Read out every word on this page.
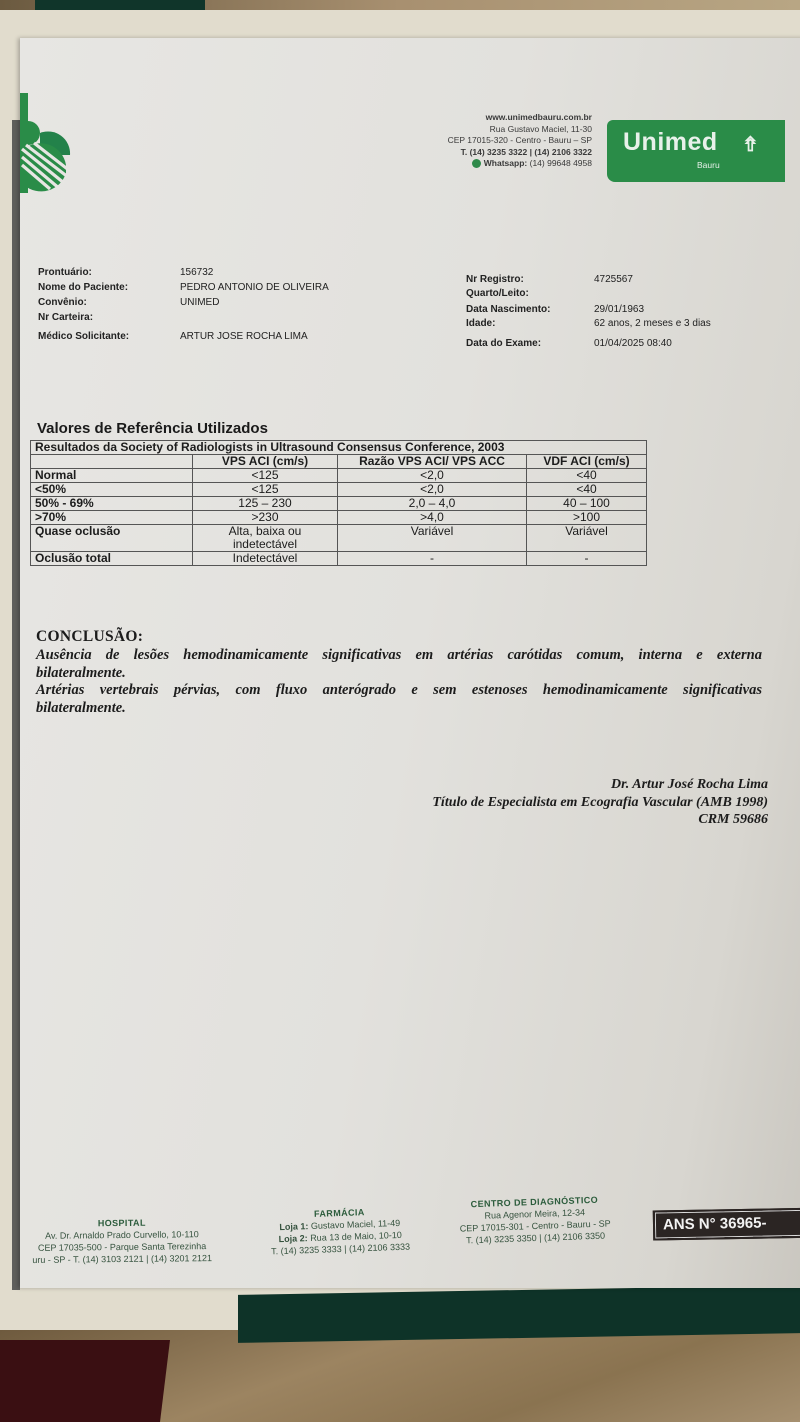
www.unimedbauru.com.br
Rua Gustavo Maciel, 11-30
CEP 17015-320 - Centro - Bauru – SP
T. (14) 3235 3322 | (14) 2106 3322
Whatsapp: (14) 99648 4958
Unimed ⇮
Bauru
Prontuário:	156732
Nome do Paciente:	PEDRO ANTONIO DE OLIVEIRA
Convênio:	UNIMED
Nr Carteira:
Médico Solicitante:	ARTUR JOSE ROCHA LIMA
Nr Registro:	4725567
Quarto/Leito:
Data Nascimento:	29/01/1963
Idade:	62 anos, 2 meses e 3 dias
Data do Exame:	01/04/2025 08:40
Valores de Referência Utilizados
Resultados da Society of Radiologists in Ultrasound Consensus Conference, 2003			
	VPS ACI (cm/s)	Razão VPS ACI/ VPS ACC	VDF ACI (cm/s)
Normal	<125	<2,0	<40
<50%	<125	<2,0	<40
50% - 69%	125 – 230	2,0 – 4,0	40 – 100
>70%	>230	>4,0	>100
Quase oclusão	Alta, baixa ou indetectável	Variável	Variável
Oclusão total	Indetectável	-	-
CONCLUSÃO:

Ausência de lesões hemodinamicamente significativas em artérias carótidas comum, interna e externa bilateralmente.

Artérias vertebrais pérvias, com fluxo anterógrado e sem estenoses hemodinamicamente significativas bilateralmente.

Dr. Artur José Rocha Lima
Título de Especialista em Ecografia Vascular (AMB 1998)
CRM 59686
HOSPITAL
Av. Dr. Arnaldo Prado Curvello, 10-110
CEP 17035-500 - Parque Santa Terezinha
uru - SP - T. (14) 3103 2121 | (14) 3201 2121
FARMÁCIA
Loja 1: Gustavo Maciel, 11-49
Loja 2: Rua 13 de Maio, 10-10
T. (14) 3235 3333 | (14) 2106 3333
CENTRO DE DIAGNÓSTICO
Rua Agenor Meira, 12-34
CEP 17015-301 - Centro - Bauru - SP
T. (14) 3235 3350 | (14) 2106 3350
ANS N° 36965-
